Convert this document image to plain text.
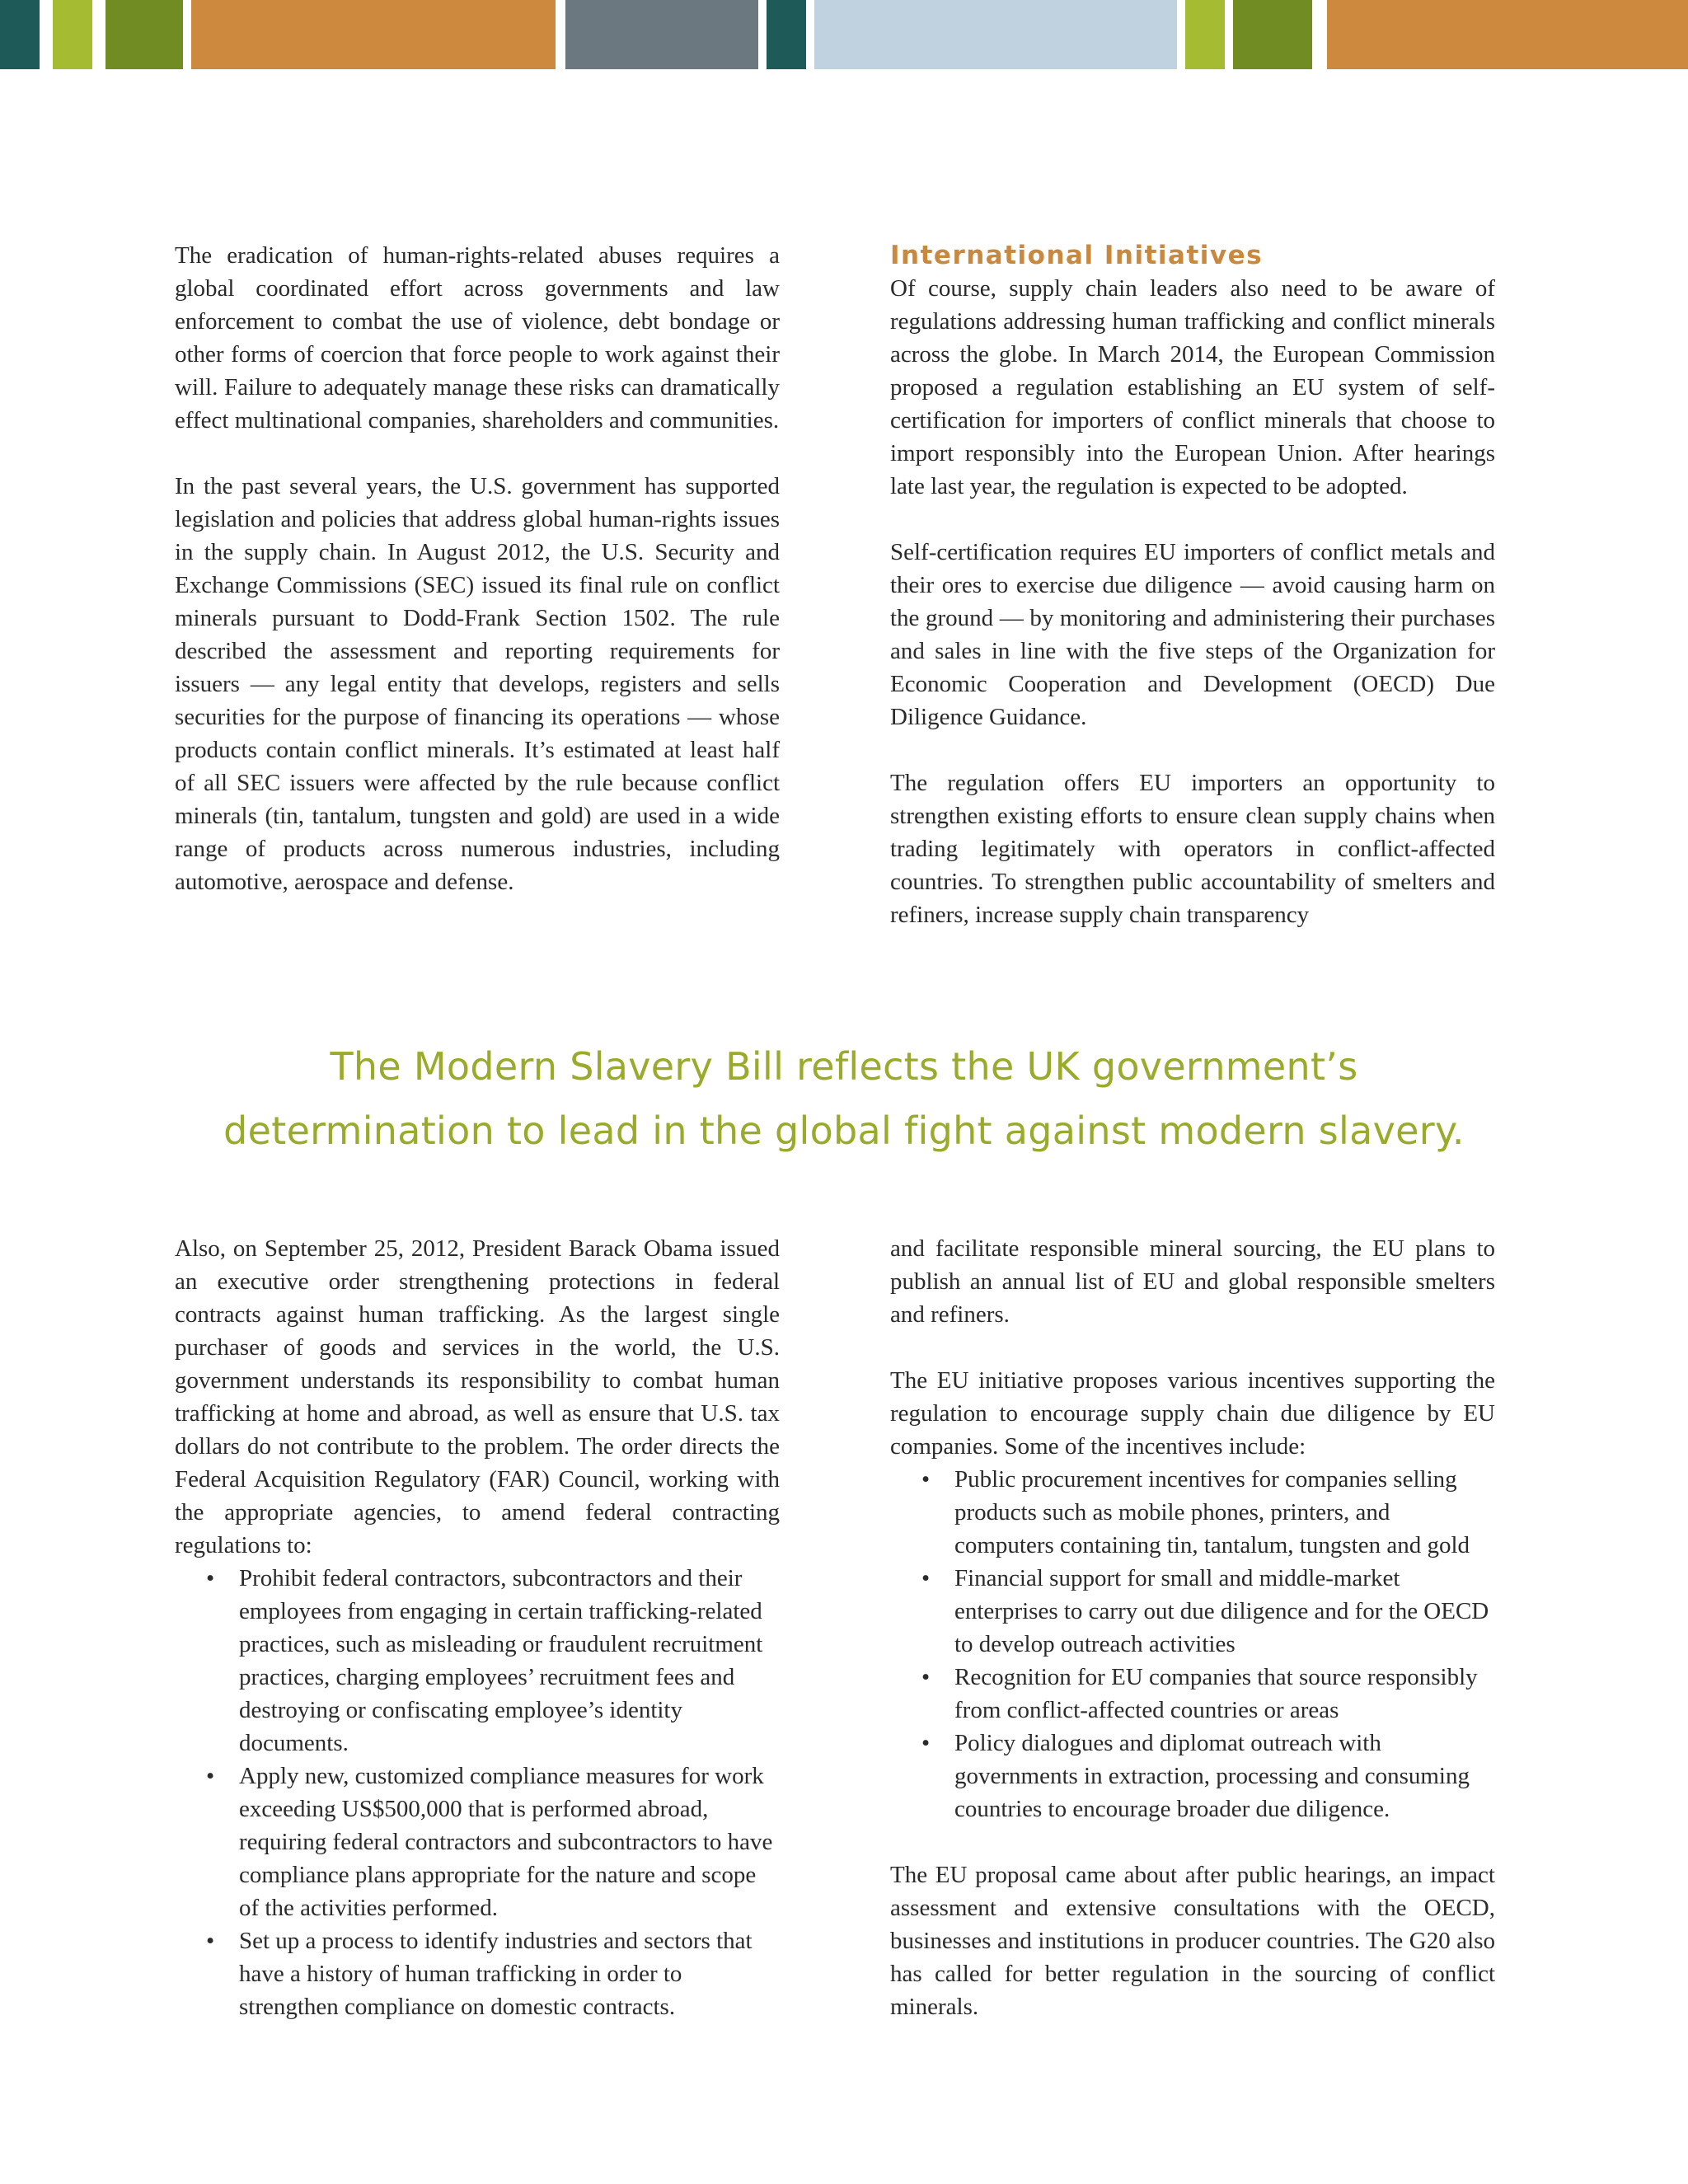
The eradication of human-rights-related abuses requires a global coordinated effort across governments and law enforcement to combat the use of violence, debt bondage or other forms of coercion that force people to work against their will. Failure to adequately manage these risks can dramatically effect multinational companies, shareholders and communities.

In the past several years, the U.S. government has supported legislation and policies that address global human-rights issues in the supply chain. In August 2012, the U.S. Security and Exchange Commissions (SEC) issued its final rule on conflict minerals pursuant to Dodd-Frank Section 1502. The rule described the assessment and reporting requirements for issuers — any legal entity that develops, registers and sells securities for the purpose of financing its operations — whose products contain conflict minerals. It’s estimated at least half of all SEC issuers were affected by the rule because conflict minerals (tin, tantalum, tungsten and gold) are used in a wide range of products across numerous industries, including automotive, aerospace and defense.

International Initiatives

Of course, supply chain leaders also need to be aware of regulations addressing human trafficking and conflict minerals across the globe. In March 2014, the European Commission proposed a regulation establishing an EU system of self-certification for importers of conflict minerals that choose to import responsibly into the European Union. After hearings late last year, the regulation is expected to be adopted.

Self-certification requires EU importers of conflict metals and their ores to exercise due diligence — avoid causing harm on the ground — by monitoring and administering their purchases and sales in line with the five steps of the Organization for Economic Cooperation and Development (OECD) Due Diligence Guidance.

The regulation offers EU importers an opportunity to strengthen existing efforts to ensure clean supply chains when trading legitimately with operators in conflict-affected countries. To strengthen public accountability of smelters and refiners, increase supply chain transparency

The Modern Slavery Bill reflects the UK government’s
determination to lead in the global fight against modern slavery.

Also, on September 25, 2012, President Barack Obama issued an executive order strengthening protections in federal contracts against human trafficking. As the largest single purchaser of goods and services in the world, the U.S. government understands its responsibility to combat human trafficking at home and abroad, as well as ensure that U.S. tax dollars do not contribute to the problem. The order directs the Federal Acquisition Regulatory (FAR) Council, working with the appropriate agencies, to amend federal contracting regulations to:

• Prohibit federal contractors, subcontractors and their employees from engaging in certain trafficking-related practices, such as misleading or fraudulent recruitment practices, charging employees’ recruitment fees and destroying or confiscating employee’s identity documents.
• Apply new, customized compliance measures for work exceeding US$500,000 that is performed abroad, requiring federal contractors and subcontractors to have compliance plans appropriate for the nature and scope of the activities performed.
• Set up a process to identify industries and sectors that have a history of human trafficking in order to strengthen compliance on domestic contracts.

and facilitate responsible mineral sourcing, the EU plans to publish an annual list of EU and global responsible smelters and refiners.

The EU initiative proposes various incentives supporting the regulation to encourage supply chain due diligence by EU companies. Some of the incentives include:

• Public procurement incentives for companies selling products such as mobile phones, printers, and computers containing tin, tantalum, tungsten and gold
• Financial support for small and middle-market enterprises to carry out due diligence and for the OECD to develop outreach activities
• Recognition for EU companies that source responsibly from conflict-affected countries or areas
• Policy dialogues and diplomat outreach with governments in extraction, processing and consuming countries to encourage broader due diligence.

The EU proposal came about after public hearings, an impact assessment and extensive consultations with the OECD, businesses and institutions in producer countries. The G20 also has called for better regulation in the sourcing of conflict minerals.
